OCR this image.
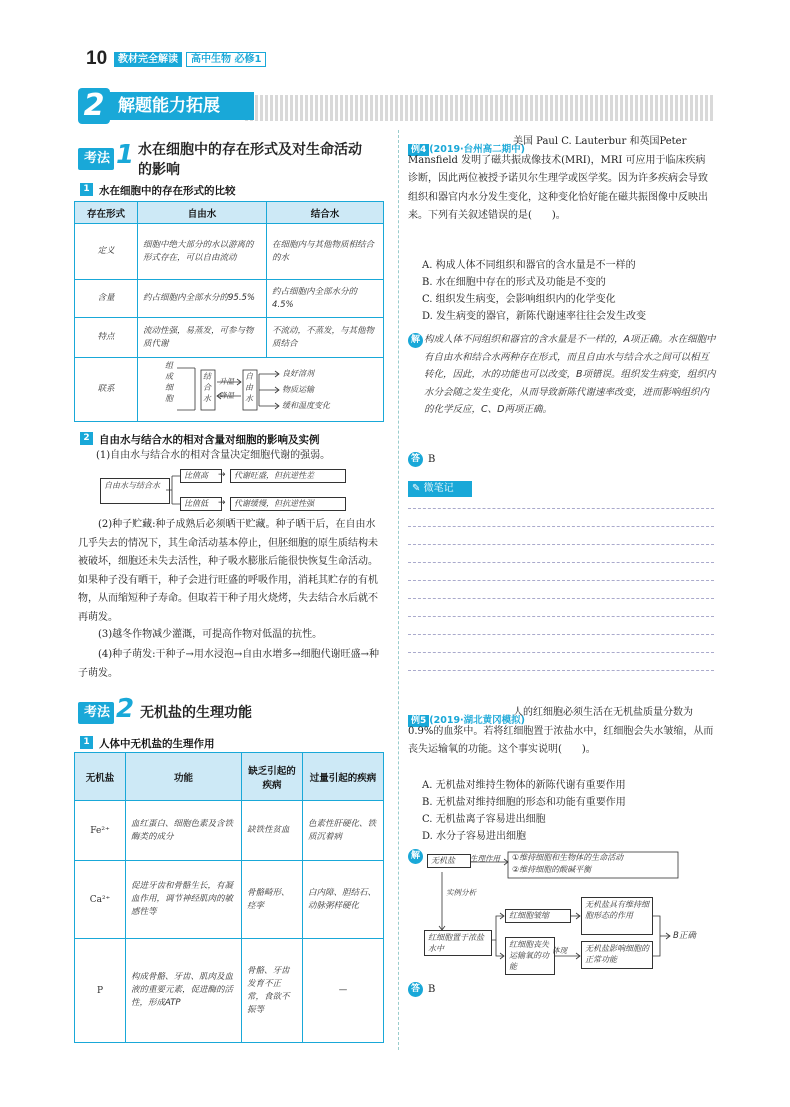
10	教材完全解读	高中生物 必修1
2 解题能力拓展
考法 1 水在细胞中的存在形式及对生命活动
的影响
1 水在细胞中的存在形式的比较
存在形式	自由水	结合水
定义	细胞中绝大部分的水以游离的形式存在，可以自由流动	在细胞内与其他物质相结合的水
含量	约占细胞内全部水分的95.5%	约占细胞内全部水分的4.5%
特点	流动性强，易蒸发，可参与物质代谢	不流动，不蒸发，与其他物质结合
联系		
组成细胞
结合水
升温
降温
自由水
良好溶剂
物质运输
缓和温度变化
2 自由水与结合水的相对含量对细胞的影响及实例
(1)自由水与结合水的相对含量决定细胞代谢的强弱。
自由水与结合水
比值高
比值低
→
→
代谢旺盛，但抗逆性差
代谢缓慢，但抗逆性强
(2)种子贮藏:种子成熟后必须晒干贮藏。种子晒干后，在自由水几乎失去的情况下，其生命活动基本停止，但胚细胞的原生质结构未被破坏，细胞还未失去活性，种子吸水膨胀后能很快恢复生命活动。如果种子没有晒干，种子会进行旺盛的呼吸作用，消耗其贮存的有机物，从而缩短种子寿命。但取若干种子用火烧烤，失去结合水后就不再萌发。
(3)越冬作物减少灌溉，可提高作物对低温的抗性。
(4)种子萌发:干种子→用水浸泡→自由水增多→细胞代谢旺盛→种子萌发。
考法 2 无机盐的生理功能
1 人体中无机盐的生理作用
无机盐	功能	缺乏引起的疾病	过量引起的疾病
Fe²⁺	血红蛋白、细胞色素及含铁酶类的成分	缺铁性贫血	色素性肝硬化、铁质沉着病
Ca²⁺	促进牙齿和骨骼生长，有凝血作用，调节神经肌肉的敏感性等	骨骼畸形、痉挛	白内障、胆结石、动脉粥样硬化
P	构成骨骼、牙齿、肌肉及血液的重要元素，促进酶的活性，形成ATP	骨骼、牙齿发育不正常，食欲不振等	—
例4 (2019·台州高二期中)
美国 Paul C. Lauterbur 和英国Peter Mansfield 发明了磁共振成像技术(MRI)，MRI 可应用于临床疾病诊断，因此两位被授予诺贝尔生理学或医学奖。因为许多疾病会导致组织和器官内水分发生变化，这种变化恰好能在磁共振图像中反映出来。下列有关叙述错误的是(　　)。
A. 构成人体不同组织和器官的含水量是不一样的
B. 水在细胞中存在的形式及功能是不变的
C. 组织发生病变，会影响组织内的化学变化
D. 发生病变的器官，新陈代谢速率往往会发生改变
解 构成人体不同组织和器官的含水量是不一样的，A项正确。水在细胞中有自由水和结合水两种存在形式，而且自由水与结合水之间可以相互转化，因此，水的功能也可以改变，B项错误。组织发生病变，组织内水分会随之发生变化，从而导致新陈代谢速率改变，进而影响组织内的化学反应，C、D两项正确。
答 B
✎ 微笔记
例5 (2019·湖北黄冈模拟)
人的红细胞必须生活在无机盐质量分数为0.9%的血浆中。若将红细胞置于浓盐水中，红细胞会失水皱缩，从而丧失运输氧的功能。这个事实说明(　　)。
A. 无机盐对维持生物体的新陈代谢有重要作用
B. 无机盐对维持细胞的形态和功能有重要作用
C. 无机盐离子容易进出细胞
D. 水分子容易进出细胞
解	无机盐	生理作用 ①维持细胞和生物体的生命活动
②维持细胞的酸碱平衡
实例分析
红细胞置于浓盐水中
红细胞皱缩
红细胞丧失运输氧的功能
体现
无机盐具有维持细胞形态的作用
无机盐影响细胞的正常功能
B正确
答 B
